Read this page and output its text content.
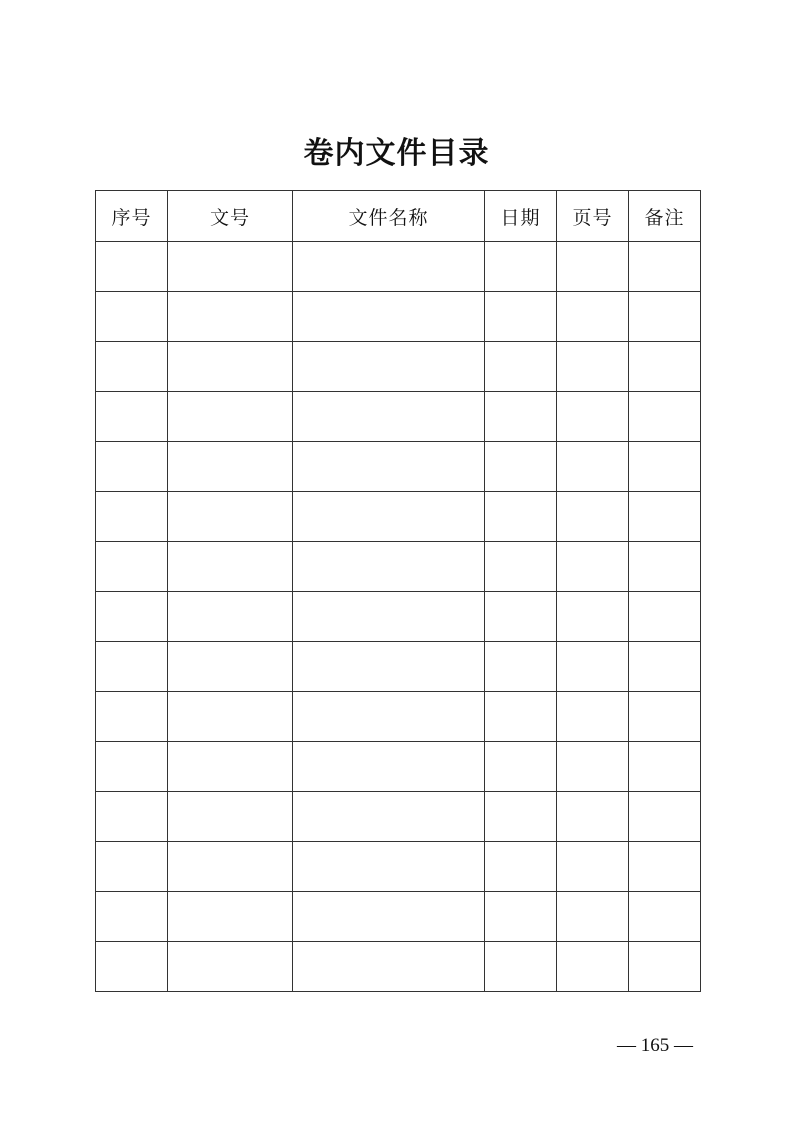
卷内文件目录
序号	文号	文件名称	日期	页号	备注

— 165 —
